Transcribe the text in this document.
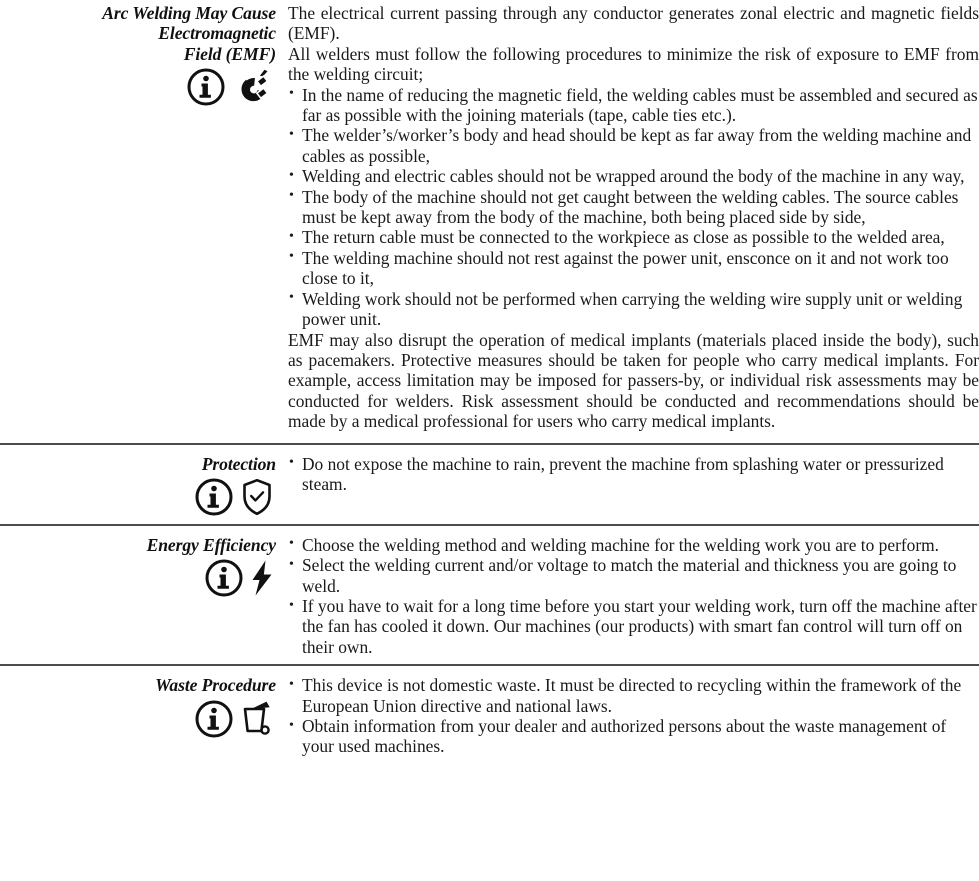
Arc Welding May Cause
Electromagnetic
Field (EMF)

The electrical current passing through any conductor generates zonal electric and magnetic fields (EMF).

All welders must follow the following procedures to minimize the risk of exposure to EMF from the welding circuit;

• In the name of reducing the magnetic field, the welding cables must be assembled and secured as far as possible with the joining materials (tape, cable ties etc.).
• The welder’s/worker’s body and head should be kept as far away from the welding machine and cables as possible,
• Welding and electric cables should not be wrapped around the body of the machine in any way,
• The body of the machine should not get caught between the welding cables. The source cables must be kept away from the body of the machine, both being placed side by side,
• The return cable must be connected to the workpiece as close as possible to the welded area,
• The welding machine should not rest against the power unit, ensconce on it and not work too close to it,
• Welding work should not be performed when carrying the welding wire supply unit or welding power unit.

EMF may also disrupt the operation of medical implants (materials placed inside the body), such as pacemakers. Protective measures should be taken for people who carry medical implants. For example, access limitation may be imposed for passers-by, or individual risk assessments may be conducted for welders. Risk assessment should be conducted and recommendations should be made by a medical professional for users who carry medical implants.

Protection	• Do not expose the machine to rain, prevent the machine from splashing water or pressurized steam.
Energy Efficiency	• Choose the welding method and welding machine for the welding work you are to perform.
• Select the welding current and/or voltage to match the material and thickness you are going to weld.
• If you have to wait for a long time before you start your welding work, turn off the machine after the fan has cooled it down. Our machines (our products) with smart fan control will turn off on their own.
Waste Procedure	• This device is not domestic waste. It must be directed to recycling within the framework of the European Union directive and national laws.
• Obtain information from your dealer and authorized persons about the waste management of your used machines.
